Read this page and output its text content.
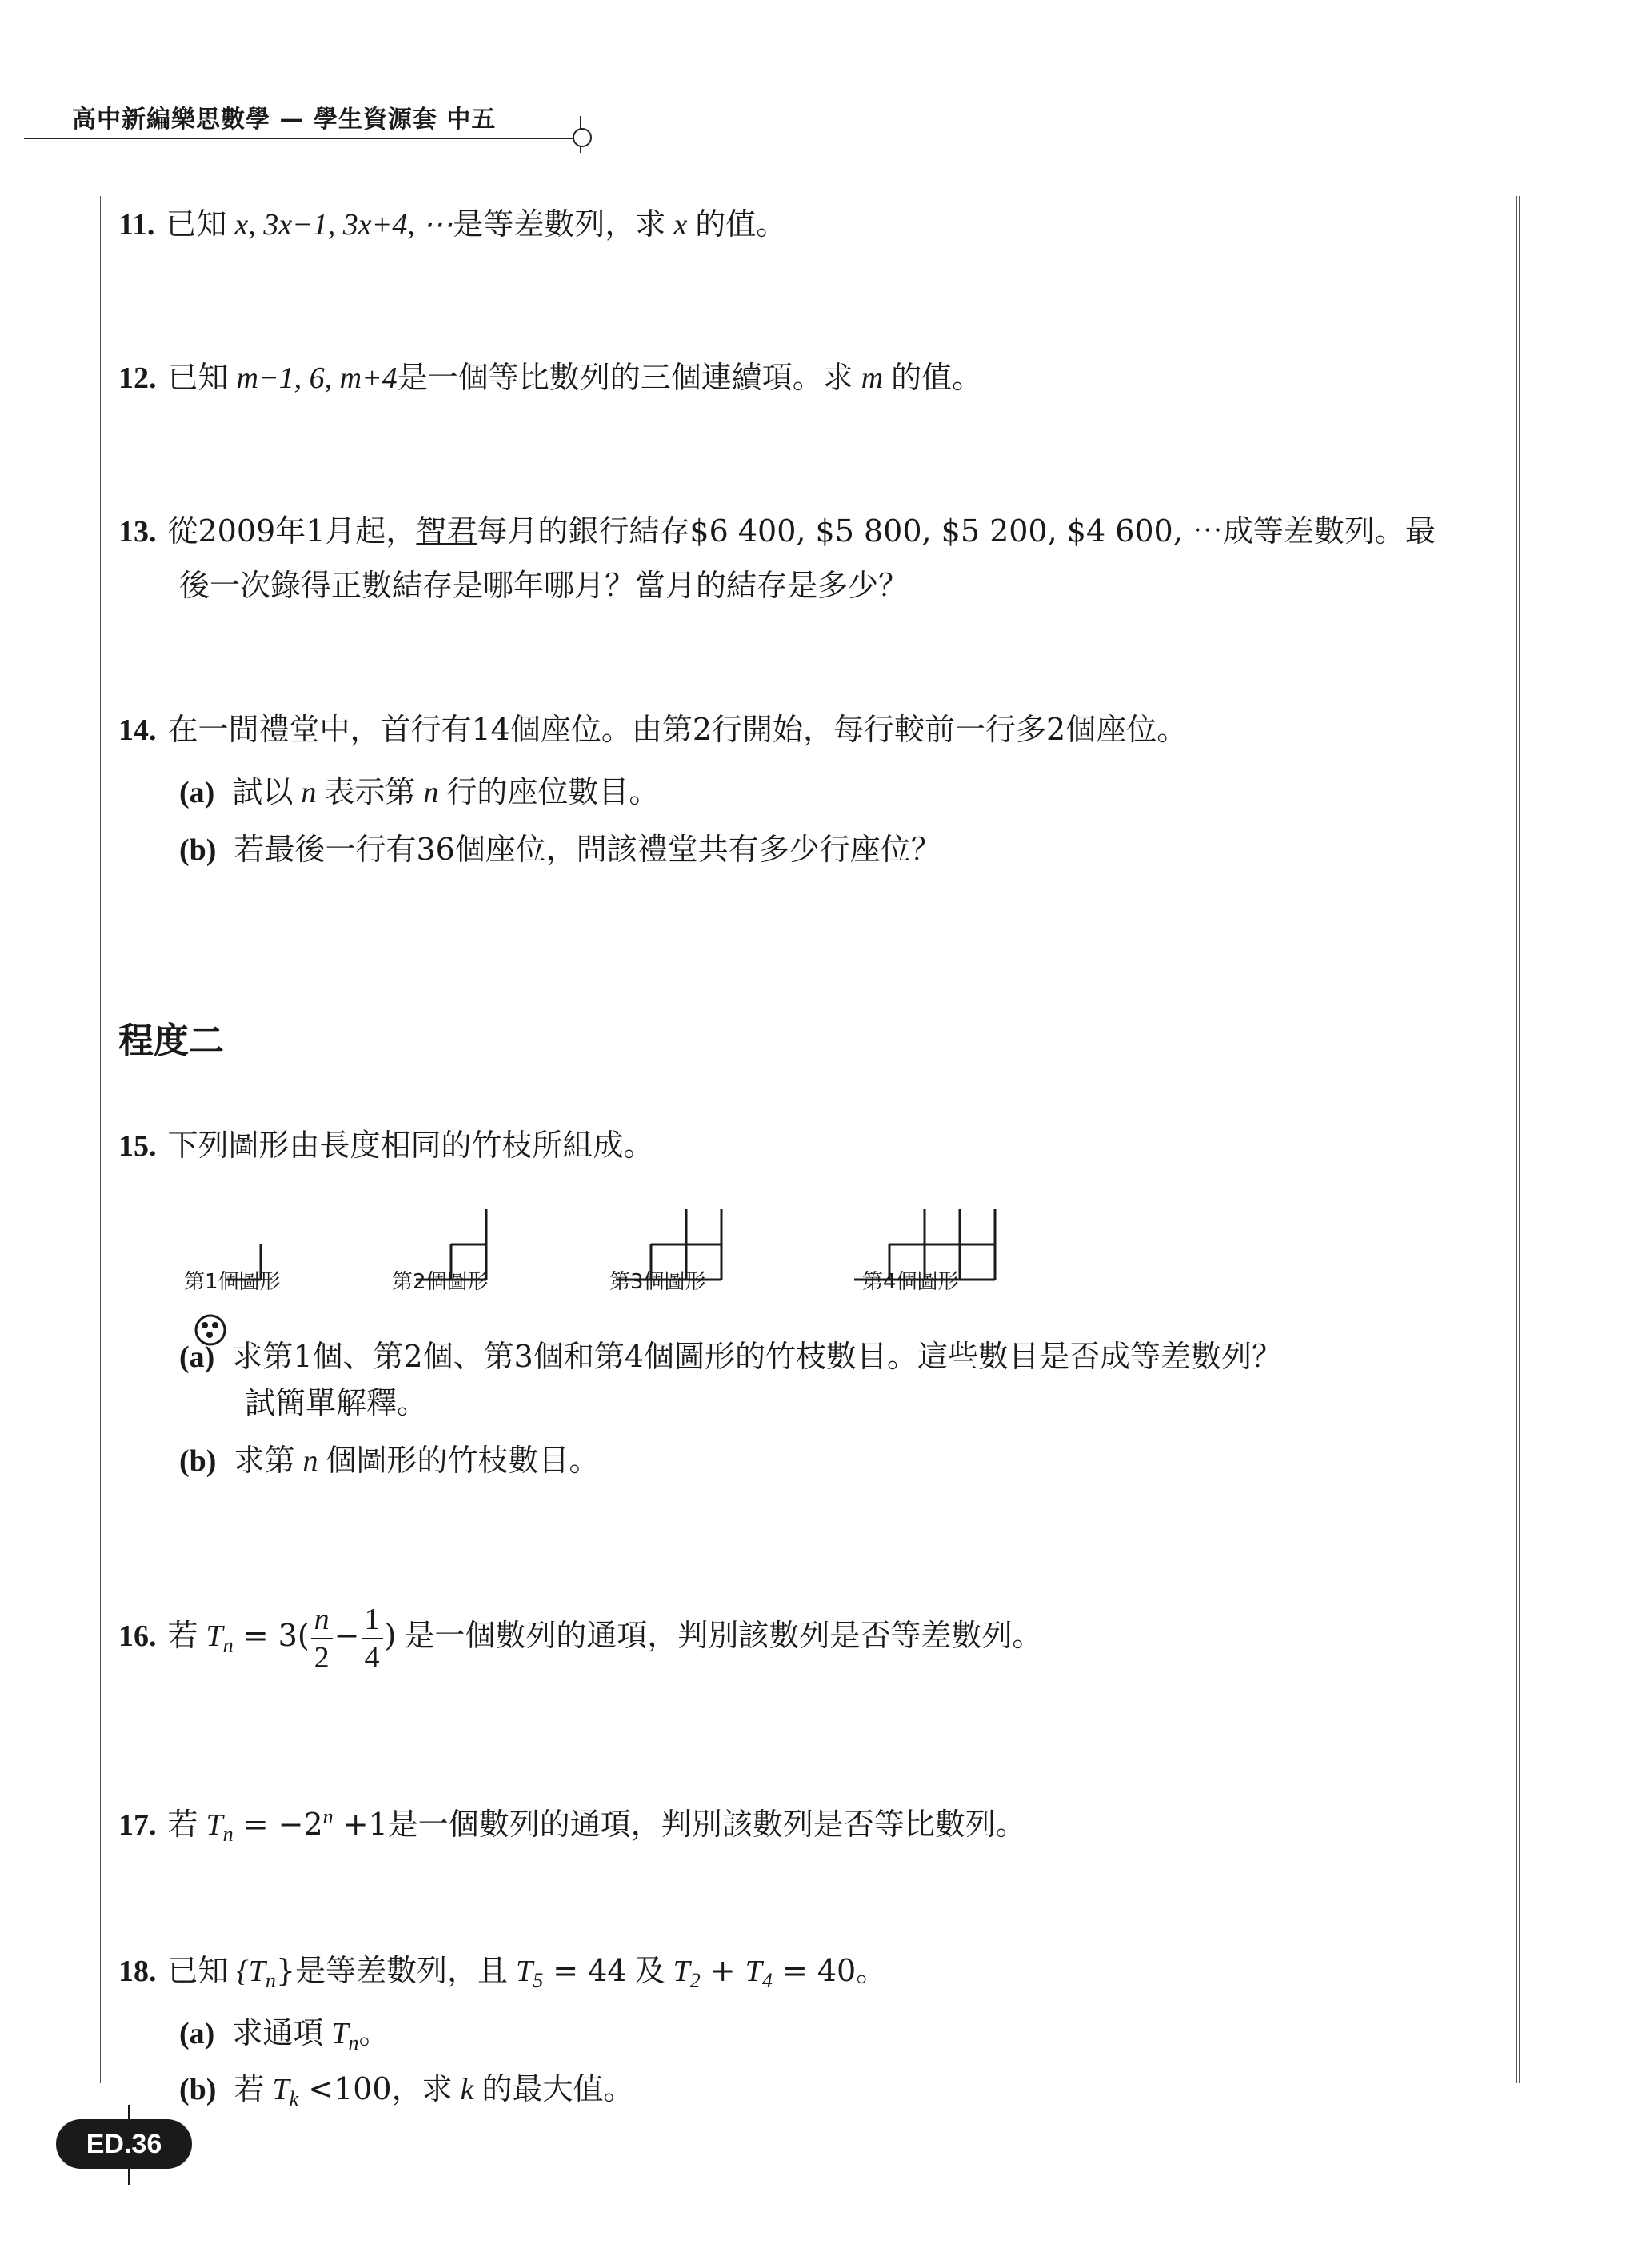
高中新編樂思數學 — 學生資源套 中五
11. 已知 x, 3x−1, 3x+4, ⋯是等差數列，求 x 的值。
12. 已知 m−1, 6, m+4是一個等比數列的三個連續項。求 m 的值。
13. 從2009年1月起，智君每月的銀行結存$6 400, $5 800, $5 200, $4 600, ⋯成等差數列。最
後一次錄得正數結存是哪年哪月？當月的結存是多少？
14. 在一間禮堂中，首行有14個座位。由第2行開始，每行較前一行多2個座位。
(a) 試以 n 表示第 n 行的座位數目。
(b) 若最後一行有36個座位，問該禮堂共有多少行座位？
程度二
15. 下列圖形由長度相同的竹枝所組成。
第1個圖形	第2個圖形	第3個圖形	第4個圖形
(a) 求第1個、第2個、第3個和第4個圖形的竹枝數目。這些數目是否成等差數列？
試簡單解釋。
(b) 求第 n 個圖形的竹枝數目。
16. 若 $T_n = 3( \frac{n}{2} - \frac{1}{4}$ ) 是一個數列的通項，判別該數列是否等差數列。
17. 若 $T_n = -2^n +1$是一個數列的通項，判別該數列是否等比數列。
18. 已知 $\{T_n\}$是等差數列，且 $T_5 = 44$ 及 $T_2 + T_4 = 40$。
(a) 求通項 $T_n$。
(b) 若 $T_k <100$，求 k 的最大值。
ED.36
